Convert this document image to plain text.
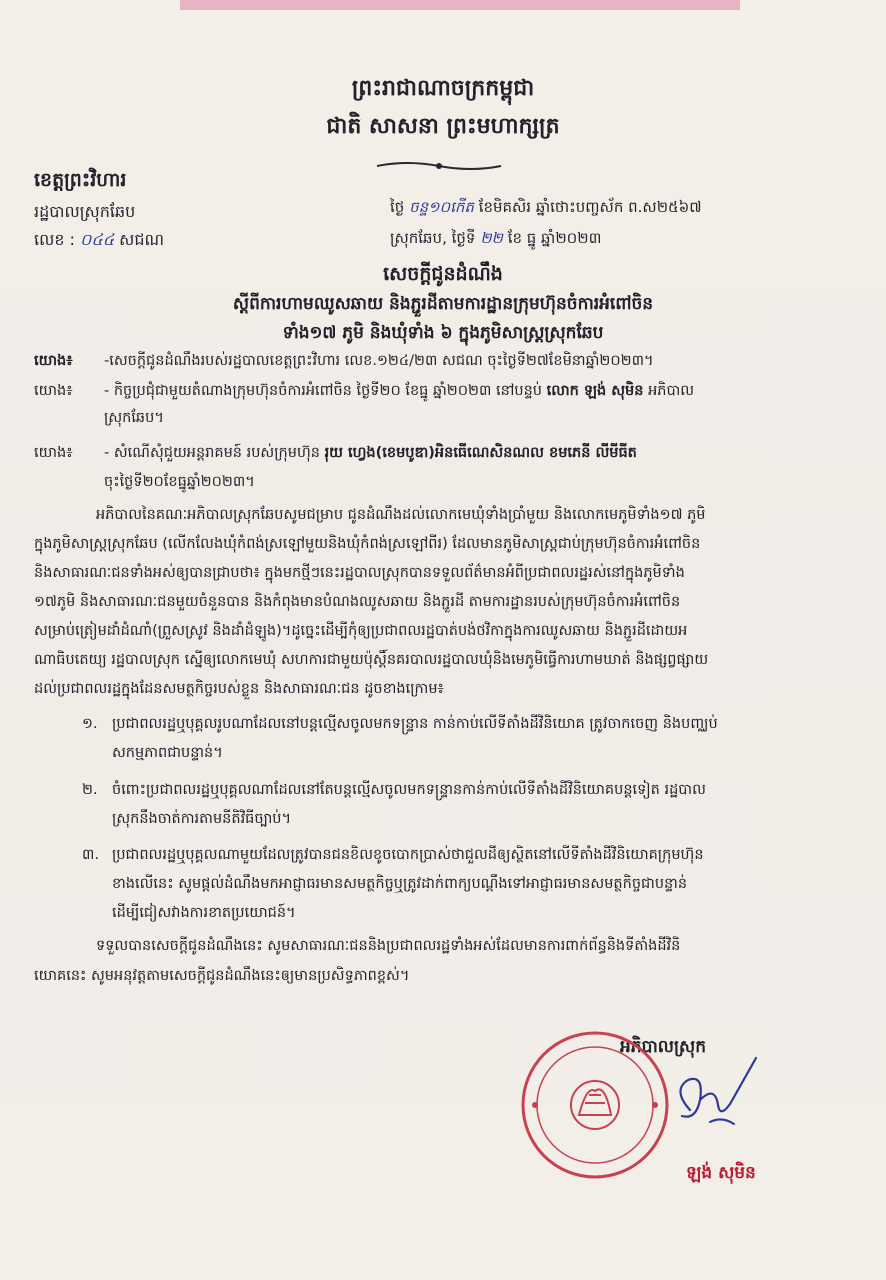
ព្រះរាជាណាចក្រកម្ពុជា
ជាតិ សាសនា ព្រះមហាក្សត្រ
ខេត្តព្រះវិហារ
រដ្ឋបាលស្រុកឆែប
លេខ : ០៤៤ សជណ
ថ្ងៃ ចន្ទ១០កើត ខែមិគសិរ ឆ្នាំថោះបញ្ចស័ក ព.ស២៥៦៧
ស្រុកឆែប, ថ្ងៃទី ២២ ខែ ធ្នូ ឆ្នាំ២០២៣
សេចក្តីជូនដំណឹង
ស្តីពីការហាមឈូសឆាយ និងភ្ជួរដីតាមការដ្ឋានក្រុមហ៊ុនចំការអំពៅចិន
ទាំង១៧ ភូមិ និងឃុំទាំង ៦ ក្នុងភូមិសាស្ត្រស្រុកឆែប
យោង៖ -សេចក្តីជូនដំណឹងរបស់រដ្ឋបាលខេត្តព្រះវិហារ លេខ.១២៤/២៣ សជណ ចុះថ្ងៃទី២៧ខែមិនាឆ្នាំ២០២៣។
យោង៖ - កិច្ចប្រជុំជាមួយតំណាងក្រុមហ៊ុនចំការអំពៅចិន ថ្ងៃទី២០ ខែធ្នូ ឆ្នាំ២០២៣ នៅបន្ទប់ លោក ឡង់ សុមិន អភិបាល
ស្រុកឆែប។
យោង៖ - សំណើសុំជួយអន្តរាគមន៍ របស់ក្រុមហ៊ុន រុយ ហ្វេង(ខេមបូឌា)អិនធើណេសិនណល ខមភេនី លីមីធីត
ចុះថ្ងៃទី២០ខែធ្នូឆ្នាំ២០២៣។
អភិបាលនៃគណៈអភិបាលស្រុកឆែបសូមជម្រាប ជូនដំណឹងដល់លោកមេឃុំទាំងប្រាំមួយ និងលោកមេភូមិទាំង១៧ ភូមិ
ក្នុងភូមិសាស្ត្រស្រុកឆែប (លើកលែងឃុំកំពង់ស្រឡៅមួយនិងឃុំកំពង់ស្រឡៅពីរ) ដែលមានភូមិសាស្ត្រជាប់ក្រុមហ៊ុនចំការអំពៅចិន
និងសាធារណៈជនទាំងអស់ឲ្យបានជ្រាបថា៖ ក្នុងមកថ្មីៗនេះរដ្ឋបាលស្រុកបានទទួលព័ត៌មានអំពីប្រជាពលរដ្ឋរស់នៅក្នុងភូមិទាំង
១៧ភូមិ និងសាធារណៈជនមួយចំនួនបាន និងកំពុងមានបំណងឈូសឆាយ និងភ្ជួរដី តាមការដ្ឋានរបស់ក្រុមហ៊ុនចំការអំពៅចិន
សម្រាប់ត្រៀមដាំដំណាំ(ព្រួសស្រូវ និងដាំដំឡូង)។ដូច្នេះដើម្បីកុំឲ្យប្រជាពលរដ្ឋបាត់បង់ថវិកាក្នុងការឈូសឆាយ និងភ្ជួរដីដោយអ
ណាធិបតេយ្យ រដ្ឋបាលស្រុក ស្នើឲ្យលោកមេឃុំ សហការជាមួយប៉ុស្តិ៍នគរបាលរដ្ឋបាលឃុំនិងមេភូមិធ្វើការហាមឃាត់ និងផ្សព្វផ្សាយ
ដល់ប្រជាពលរដ្ឋក្នុងដែនសមត្ថកិច្ចរបស់ខ្លួន និងសាធារណៈជន ដូចខាងក្រោម៖
១. ប្រជាពលរដ្ឋឬបុគ្គលរូបណាដែលនៅបន្តល្មើសចូលមកទន្ទ្រាន កាន់កាប់លើទីតាំងដីវិនិយោគ ត្រូវចាកចេញ និងបញ្ឈប់
សកម្មភាពជាបន្ទាន់។
២. ចំពោះប្រជាពលរដ្ឋឬបុគ្គលណាដែលនៅតែបន្តល្មើសចូលមកទន្ទ្រានកាន់កាប់លើទីតាំងដីវិនិយោគបន្តទៀត រដ្ឋបាល
ស្រុកនឹងចាត់ការតាមនីតិវិធីច្បាប់។
៣. ប្រជាពលរដ្ឋឬបុគ្គលណាមួយដែលត្រូវបានជនខិលខូចបោកប្រាស់ថាជួលដីឲ្យស្ថិតនៅលើទីតាំងដីវិនិយោគក្រុមហ៊ុន
ខាងលើនេះ សូមផ្តល់ដំណឹងមកអាជ្ញាធរមានសមត្ថកិច្ចឬត្រូវដាក់ពាក្យបណ្តឹងទៅអាជ្ញាធរមានសមត្ថកិច្ចជាបន្ទាន់
ដើម្បីជៀសវាងការខាតប្រយោជន៍។
ទទួលបានសេចក្តីជូនដំណឹងនេះ សូមសាធារណៈជននិងប្រជាពលរដ្ឋទាំងអស់ដែលមានការពាក់ព័ន្ធនិងទីតាំងដីវិនិ
យោគនេះ សូមអនុវត្តតាមសេចក្តីជូនដំណឹងនេះឲ្យមានប្រសិទ្ធភាពខ្ពស់។
អភិបាលស្រុក
ឡង់ សុមិន
